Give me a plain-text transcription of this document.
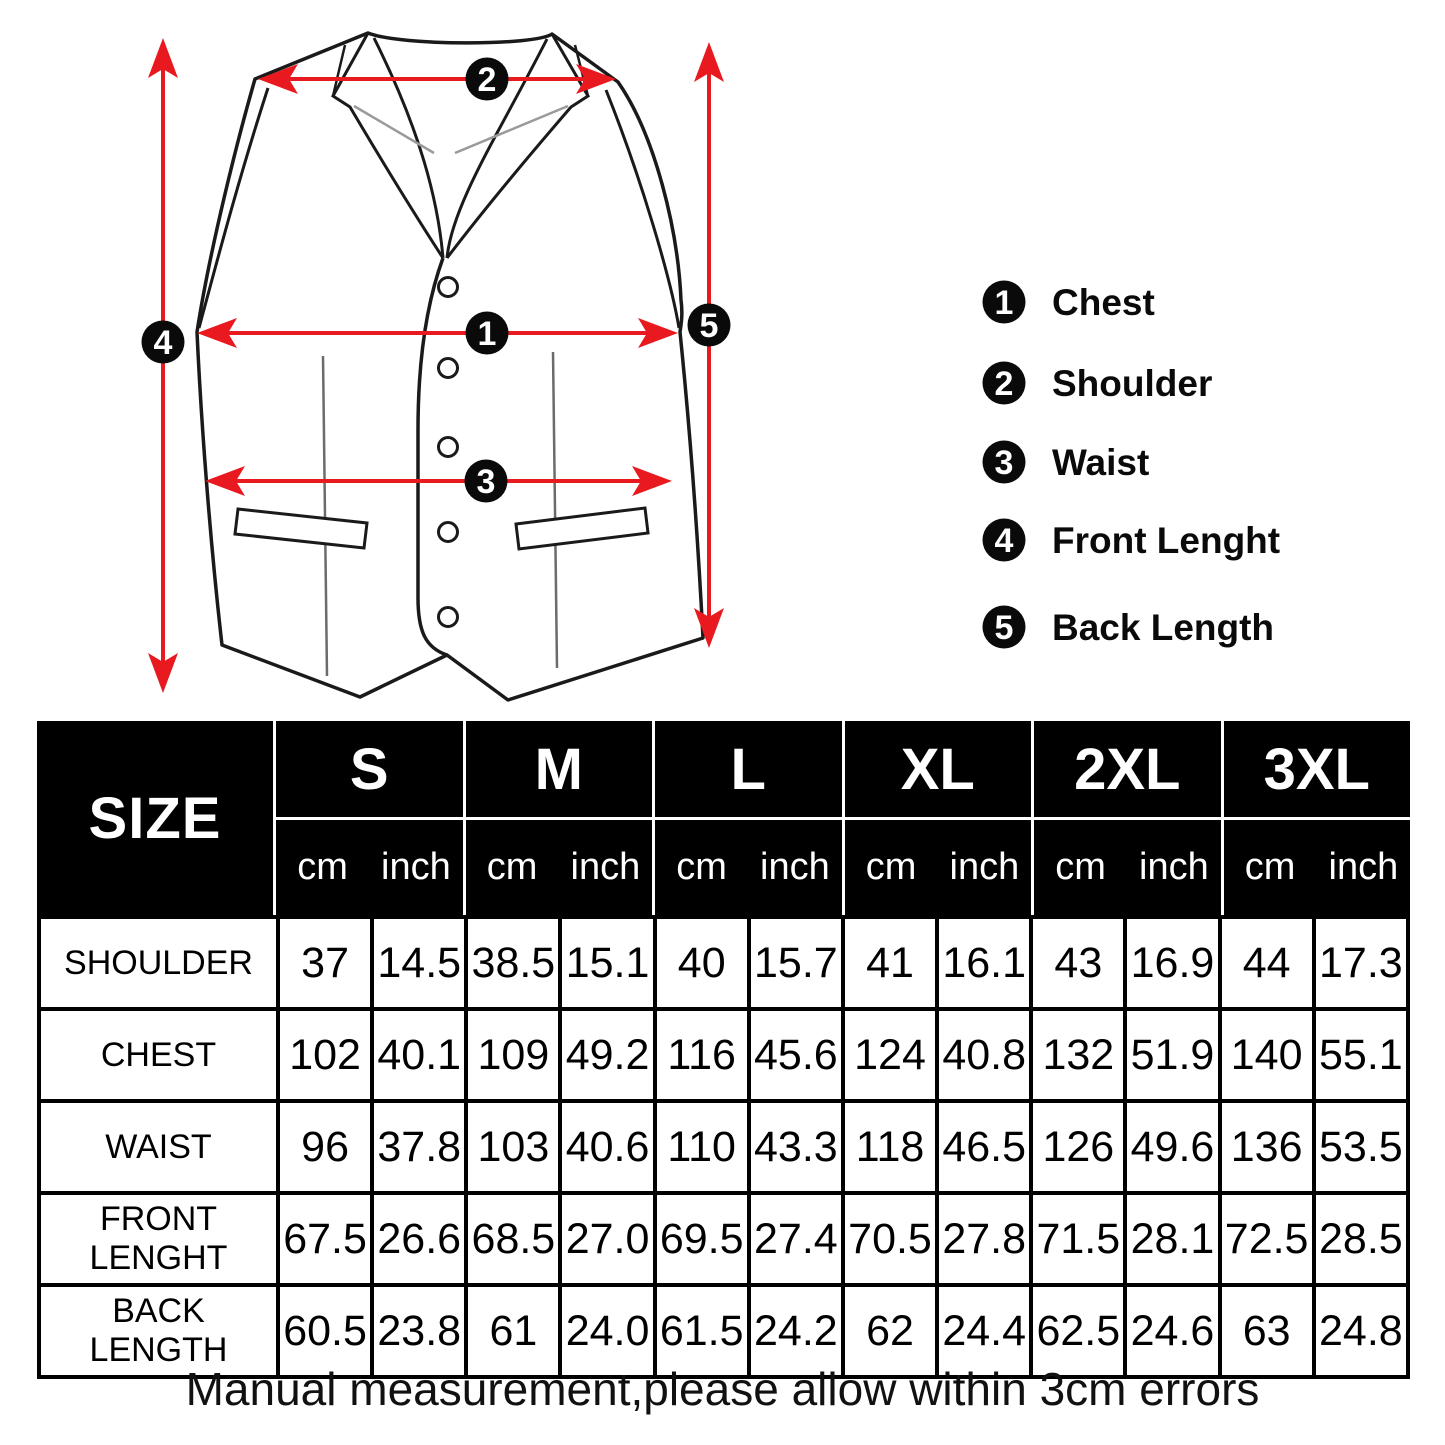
1
2
3
4	5
1 Chest
2 Shoulder
3 Waist
4 Front Lenght
5 Back Length
SIZE
S	M	L	XL	2XL	3XL
cm inch cm inch cm inch cm inch cm inch cm inch
SHOULDER	37	14.5	38.5	15.1	40	15.7	41	16.1	43	16.9	44	17.3
CHEST	102	40.1	109	49.2	116	45.6	124	40.8	132	51.9	140	55.1
WAIST	96	37.8	103	40.6	110	43.3	118	46.5	126	49.6	136	53.5
FRONT LENGHT	67.5	26.6	68.5	27.0	69.5	27.4	70.5	27.8	71.5	28.1	72.5	28.5
BACK LENGTH	60.5	23.8	61	24.0	61.5	24.2	62	24.4	62.5	24.6	63	24.8
Manual measurement,please allow within 3cm errors
